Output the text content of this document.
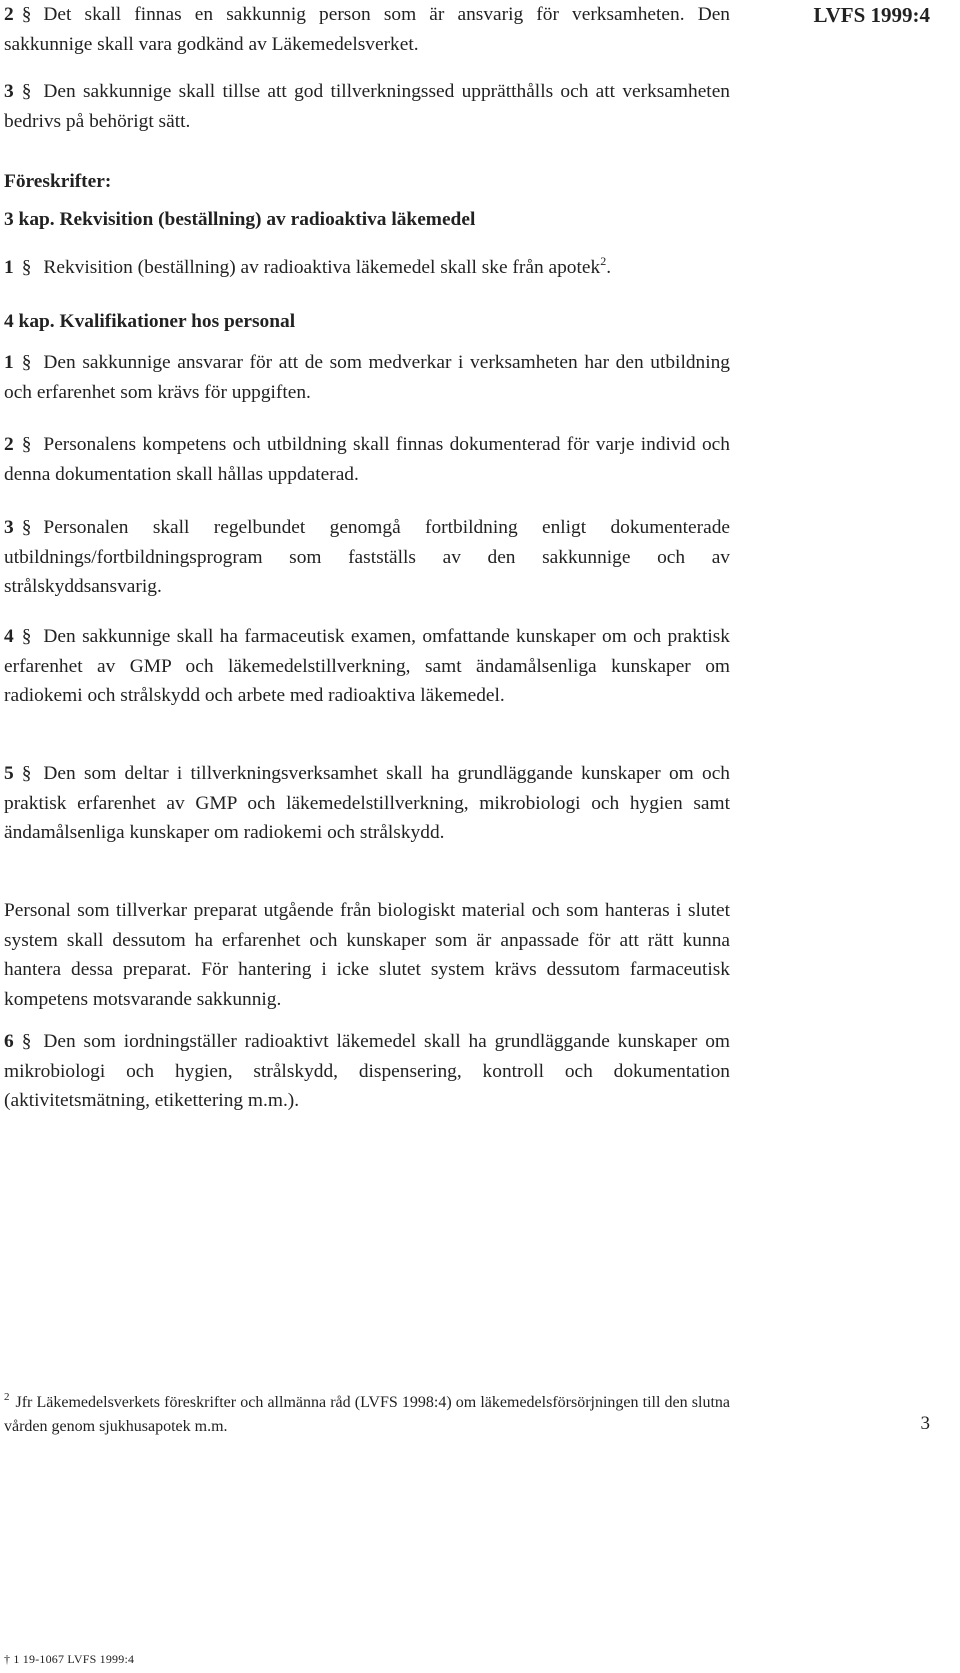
LVFS 1999:4

2 § Det skall finnas en sakkunnig person som är ansvarig för verksamheten. Den sakkunnige skall vara godkänd av Läkemedelsverket.

3 § Den sakkunnige skall tillse att god tillverkningssed upprätthålls och att verksamheten bedrivs på behörigt sätt.

Föreskrifter:

3 kap. Rekvisition (beställning) av radioaktiva läkemedel

1 § Rekvisition (beställning) av radioaktiva läkemedel skall ske från apotek$^2$.

4 kap. Kvalifikationer hos personal

1 § Den sakkunnige ansvarar för att de som medverkar i verksamheten har den utbildning och erfarenhet som krävs för uppgiften.

2 § Personalens kompetens och utbildning skall finnas dokumenterad för varje individ och denna dokumentation skall hållas uppdaterad.

3 § Personalen skall regelbundet genomgå fortbildning enligt dokumenterade utbildnings/fortbildningsprogram som fastställs av den sakkunnige och av strålskyddsansvarig.

4 § Den sakkunnige skall ha farmaceutisk examen, omfattande kunskaper om och praktisk erfarenhet av GMP och läkemedelstillverkning, samt ändamålsenliga kunskaper om radiokemi och strålskydd och arbete med radioaktiva läkemedel.

5 § Den som deltar i tillverkningsverksamhet skall ha grundläggande kunskaper om och praktisk erfarenhet av GMP och läkemedelstillverkning, mikrobiologi och hygien samt ändamålsenliga kunskaper om radiokemi och strålskydd.

Personal som tillverkar preparat utgående från biologiskt material och som hanteras i slutet system skall dessutom ha erfarenhet och kunskaper som är anpassade för att rätt kunna hantera dessa preparat. För hantering i icke slutet system krävs dessutom farmaceutisk kompetens motsvarande sakkunnig.

6 § Den som iordningställer radioaktivt läkemedel skall ha grundläggande kunskaper om mikrobiologi och hygien, strålskydd, dispensering, kontroll och dokumentation (aktivitetsmätning, etikettering m.m.).

$^2$ Jfr Läkemedelsverkets föreskrifter och allmänna råd (LVFS 1998:4) om läkemedelsförsörjningen till den slutna vården genom sjukhusapotek m.m.	3
† 1 19-1067 LVFS 1999:4
